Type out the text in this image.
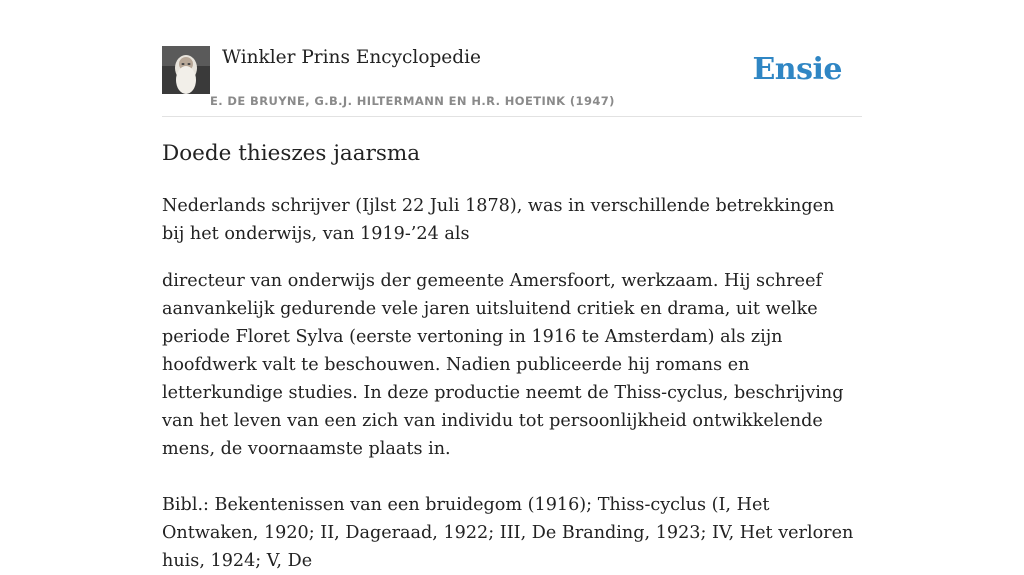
Winkler Prins Encyclopedie
E. DE BRUYNE, G.B.J. HILTERMANN EN H.R. HOETINK (1947)
Ensie
Doede thieszes jaarsma

Nederlands schrijver (Ijlst 22 Juli 1878), was in verschillende betrekkingen bij het onderwijs, van 1919-’24 als

directeur van onderwijs der gemeente Amersfoort, werkzaam. Hij schreef aanvankelijk gedurende vele jaren uitsluitend critiek en drama, uit welke periode Floret Sylva (eerste vertoning in 1916 te Amsterdam) als zijn hoofdwerk valt te beschouwen. Nadien publiceerde hij romans en letterkundige studies. In deze productie neemt de Thiss-cyclus, beschrijving van het leven van een zich van individu tot persoonlijkheid ontwikkelende mens, de voornaamste plaats in.

Bibl.: Bekentenissen van een bruidegom (1916); Thiss-cyclus (I, Het Ontwaken, 1920; II, Dageraad, 1922; III, De Branding, 1923; IV, Het verloren huis, 1924; V, De
